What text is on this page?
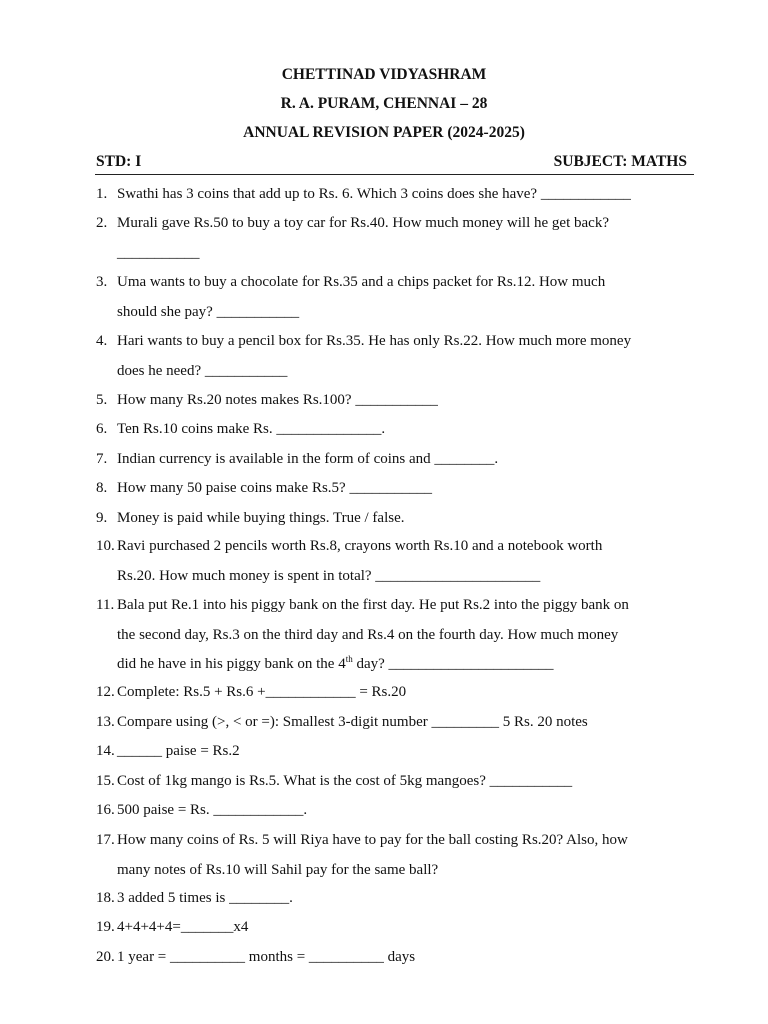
CHETTINAD VIDYASHRAM
R. A. PURAM, CHENNAI – 28
ANNUAL REVISION PAPER (2024-2025)
STD: I	SUBJECT: MATHS
1. Swathi has 3 coins that add up to Rs. 6. Which 3 coins does she have? ____________
2. Murali gave Rs.50 to buy a toy car for Rs.40. How much money will he get back?
___________
3. Uma wants to buy a chocolate for Rs.35 and a chips packet for Rs.12. How much
should she pay? ___________
4. Hari wants to buy a pencil box for Rs.35. He has only Rs.22. How much more money
does he need? ___________
5. How many Rs.20 notes makes Rs.100? ___________
6. Ten Rs.10 coins make Rs. ______________.
7. Indian currency is available in the form of coins and ________.
8. How many 50 paise coins make Rs.5? ___________
9. Money is paid while buying things. True / false.
10. Ravi purchased 2 pencils worth Rs.8, crayons worth Rs.10 and a notebook worth
Rs.20. How much money is spent in total? ______________________
11. Bala put Re.1 into his piggy bank on the first day. He put Rs.2 into the piggy bank on
the second day, Rs.3 on the third day and Rs.4 on the fourth day. How much money
did he have in his piggy bank on the 4th day? ______________________
12. Complete: Rs.5 + Rs.6 +____________ = Rs.20
13. Compare using (>, < or =): Smallest 3-digit number _________ 5 Rs. 20 notes
14. ______ paise = Rs.2
15. Cost of 1kg mango is Rs.5. What is the cost of 5kg mangoes? ___________
16. 500 paise = Rs. ____________.
17. How many coins of Rs. 5 will Riya have to pay for the ball costing Rs.20? Also, how
many notes of Rs.10 will Sahil pay for the same ball?
18. 3 added 5 times is ________.
19. 4+4+4+4=_______x4
20. 1 year = __________ months = __________ days
